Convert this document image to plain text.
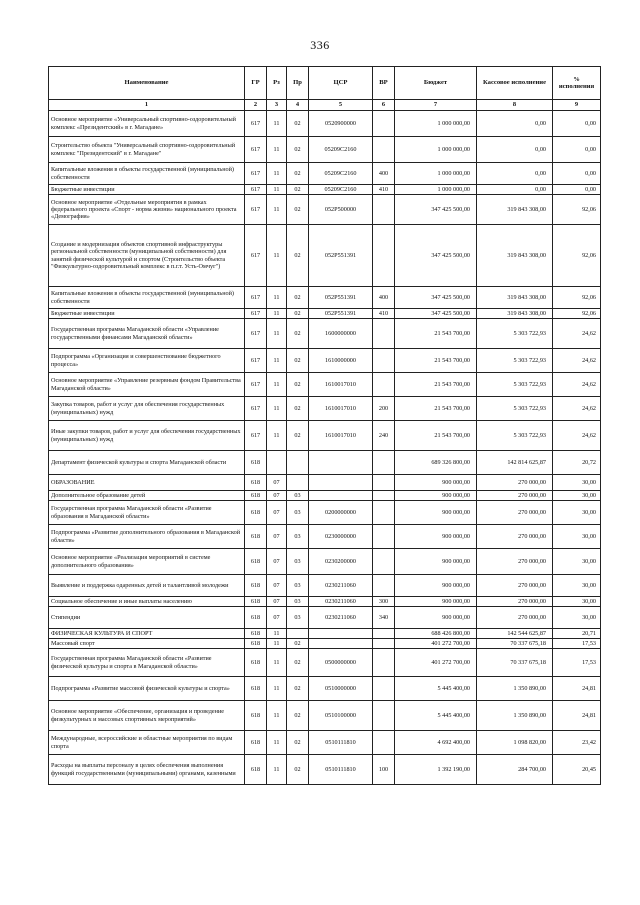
336
Наименование	ГР	Рз	Пр	ЦСР	ВР	Бюджет	Кассовое исполнение	% исполнения
1	2	3	4	5	6	7	8	9
Основное мероприятие «Универсальный спортивно-оздоровительный комплекс «Президентский» в г. Магадане»	617	11	02	0520900000		1 000 000,00	0,00	0,00
Строительство объекта "Универсальный спортивно-оздоровительный комплекс "Президентский" в г. Магадане"	617	11	02	05209С2160		1 000 000,00	0,00	0,00
Капитальные вложения в объекты государственной (муниципальной) собственности	617	11	02	05209С2160	400	1 000 000,00	0,00	0,00
Бюджетные инвестиции	617	11	02	05209С2160	410	1 000 000,00	0,00	0,00
Основное мероприятие «Отдельные мероприятия в рамках федерального проекта «Спорт - норма жизни» национального проекта «Демография»	617	11	02	052P500000		347 425 500,00	319 843 308,00	92,06
Создание и модернизация объектов спортивной инфраструктуры региональной собственности (муниципальной собственности) для занятий физической культурой и спортом (Строительство объекта "Физкультурно-оздоровительный комплекс в п.г.т. Усть-Омчуг")	617	11	02	052P551391		347 425 500,00	319 843 308,00	92,06
Капитальные вложения в объекты государственной (муниципальной) собственности	617	11	02	052P551391	400	347 425 500,00	319 843 308,00	92,06
Бюджетные инвестиции	617	11	02	052P551391	410	347 425 500,00	319 843 308,00	92,06
Государственная программа Магаданской области «Управление государственными финансами Магаданской области»	617	11	02	1600000000		21 543 700,00	5 303 722,93	24,62
Подпрограмма «Организация и совершенствование бюджетного процесса»	617	11	02	1610000000		21 543 700,00	5 303 722,93	24,62
Основное мероприятие «Управление резервным фондом Правительства Магаданской области»	617	11	02	1610017010		21 543 700,00	5 303 722,93	24,62
Закупка товаров, работ и услуг для обеспечения государственных (муниципальных) нужд	617	11	02	1610017010	200	21 543 700,00	5 303 722,93	24,62
Иные закупки товаров, работ и услуг для обеспечения государственных (муниципальных) нужд	617	11	02	1610017010	240	21 543 700,00	5 303 722,93	24,62
Департамент физической культуры и спорта Магаданской области	618					689 326 800,00	142 814 625,87	20,72
ОБРАЗОВАНИЕ	618	07				900 000,00	270 000,00	30,00
Дополнительное образование детей	618	07	03			900 000,00	270 000,00	30,00
Государственная программа Магаданской области «Развитие образования в Магаданской области»	618	07	03	0200000000		900 000,00	270 000,00	30,00
Подпрограмма «Развитие дополнительного образования в Магаданской области»	618	07	03	0230000000		900 000,00	270 000,00	30,00
Основное мероприятие «Реализация мероприятий в системе дополнительного образования»	618	07	03	0230200000		900 000,00	270 000,00	30,00
Выявление и поддержка одаренных детей и талантливой молодежи	618	07	03	0230211060		900 000,00	270 000,00	30,00
Социальное обеспечение и иные выплаты населению	618	07	03	0230211060	300	900 000,00	270 000,00	30,00
Стипендии	618	07	03	0230211060	340	900 000,00	270 000,00	30,00
ФИЗИЧЕСКАЯ КУЛЬТУРА И СПОРТ	618	11				688 426 800,00	142 544 625,87	20,71
Массовый спорт	618	11	02			401 272 700,00	70 337 675,18	17,53
Государственная программа Магаданской области «Развитие физической культуры и спорта в Магаданской области»	618	11	02	0500000000		401 272 700,00	70 337 675,18	17,53
Подпрограмма «Развитие массовой физической культуры и спорта»	618	11	02	0510000000		5 445 400,00	1 350 890,00	24,81
Основное мероприятие «Обеспечение, организация и проведение физкультурных и массовых спортивных мероприятий»	618	11	02	0510100000		5 445 400,00	1 350 890,00	24,81
Международные, всероссийские и областные мероприятия по видам спорта	618	11	02	0510111810		4 692 400,00	1 098 820,00	23,42
Расходы на выплаты персоналу в целях обеспечения выполнения функций государственными (муниципальными) органами, казенными	618	11	02	0510111810	100	1 392 190,00	284 700,00	20,45
